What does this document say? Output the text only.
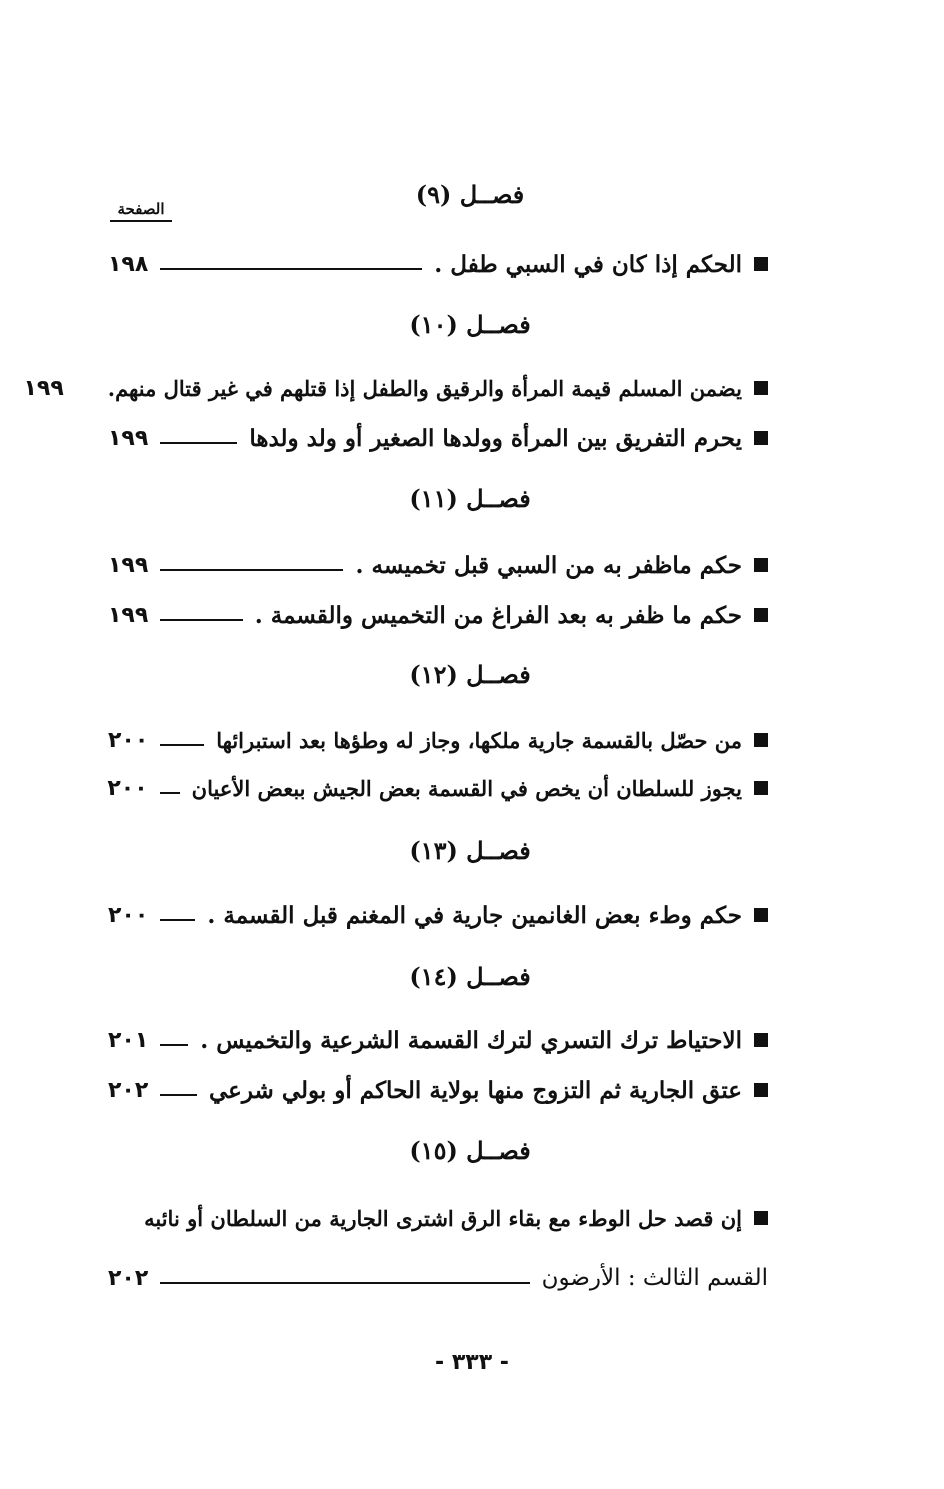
الصفحة	فصــل (٩)
الحكم إذا كان في السبي طفل .
١٩٨
فصــل (١٠)
يضمن المسلم قيمة المرأة والرقيق والطفل إذا قتلهم في غير قتال منهم.
١٩٩
يحرم التفريق بين المرأة وولدها الصغير أو ولد ولدها
١٩٩
فصــل (١١)
حكم ماظفر به من السبي قبل تخميسه .
١٩٩
حكم ما ظفر به بعد الفراغ من التخميس والقسمة .
١٩٩
فصــل (١٢)
من حصّل بالقسمة جارية ملكها، وجاز له وطؤها بعد استبرائها
٢٠٠
يجوز للسلطان أن يخص في القسمة بعض الجيش ببعض الأعيان
٢٠٠
فصــل (١٣)
حكم وطء بعض الغانمين جارية في المغنم قبل القسمة .
٢٠٠
فصــل (١٤)
الاحتياط ترك التسري لترك القسمة الشرعية والتخميس .
٢٠١
عتق الجارية ثم التزوج منها بولاية الحاكم أو بولي شرعي
٢٠٢
فصــل (١٥)
إن قصد حل الوطء مع بقاء الرق اشترى الجارية من السلطان أو نائبه
القسم الثالث : الأرضون
٢٠٢
- ٣٣٣ -
